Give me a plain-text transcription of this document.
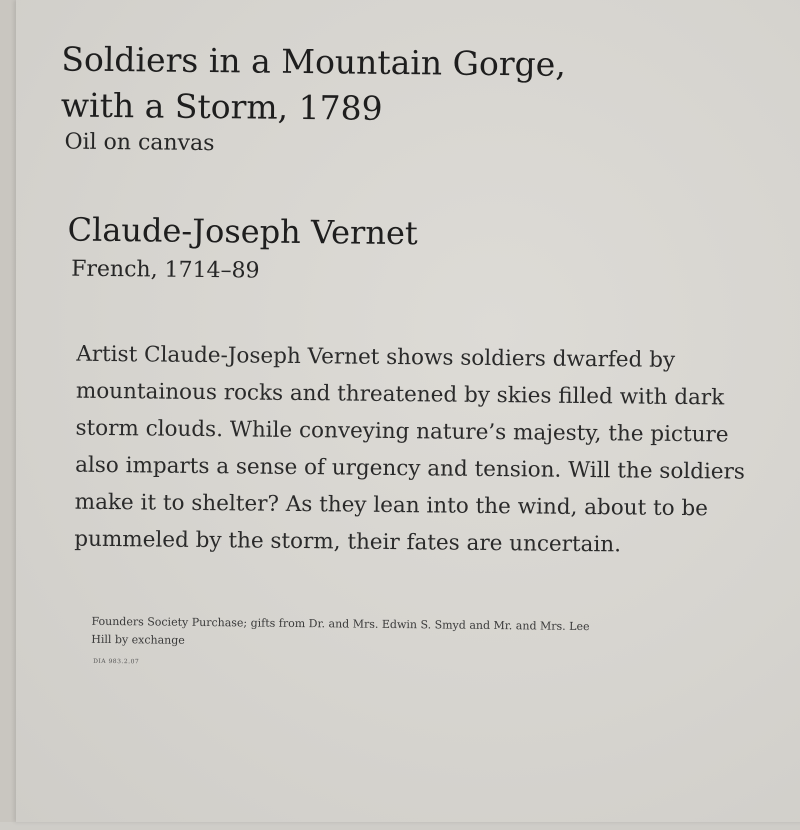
Soldiers in a Mountain Gorge, with a Storm, 1789
Oil on canvas
Claude-Joseph Vernet
French, 1714–89

Artist Claude-Joseph Vernet shows soldiers dwarfed by mountainous rocks and threatened by skies filled with dark storm clouds. While conveying nature’s majesty, the picture also imparts a sense of urgency and tension. Will the soldiers make it to shelter? As they lean into the wind, about to be pummeled by the storm, their fates are uncertain.

Founders Society Purchase; gifts from Dr. and Mrs. Edwin S. Smyd and Mr. and Mrs. Lee Hill by exchange
DIA 983.2.07
